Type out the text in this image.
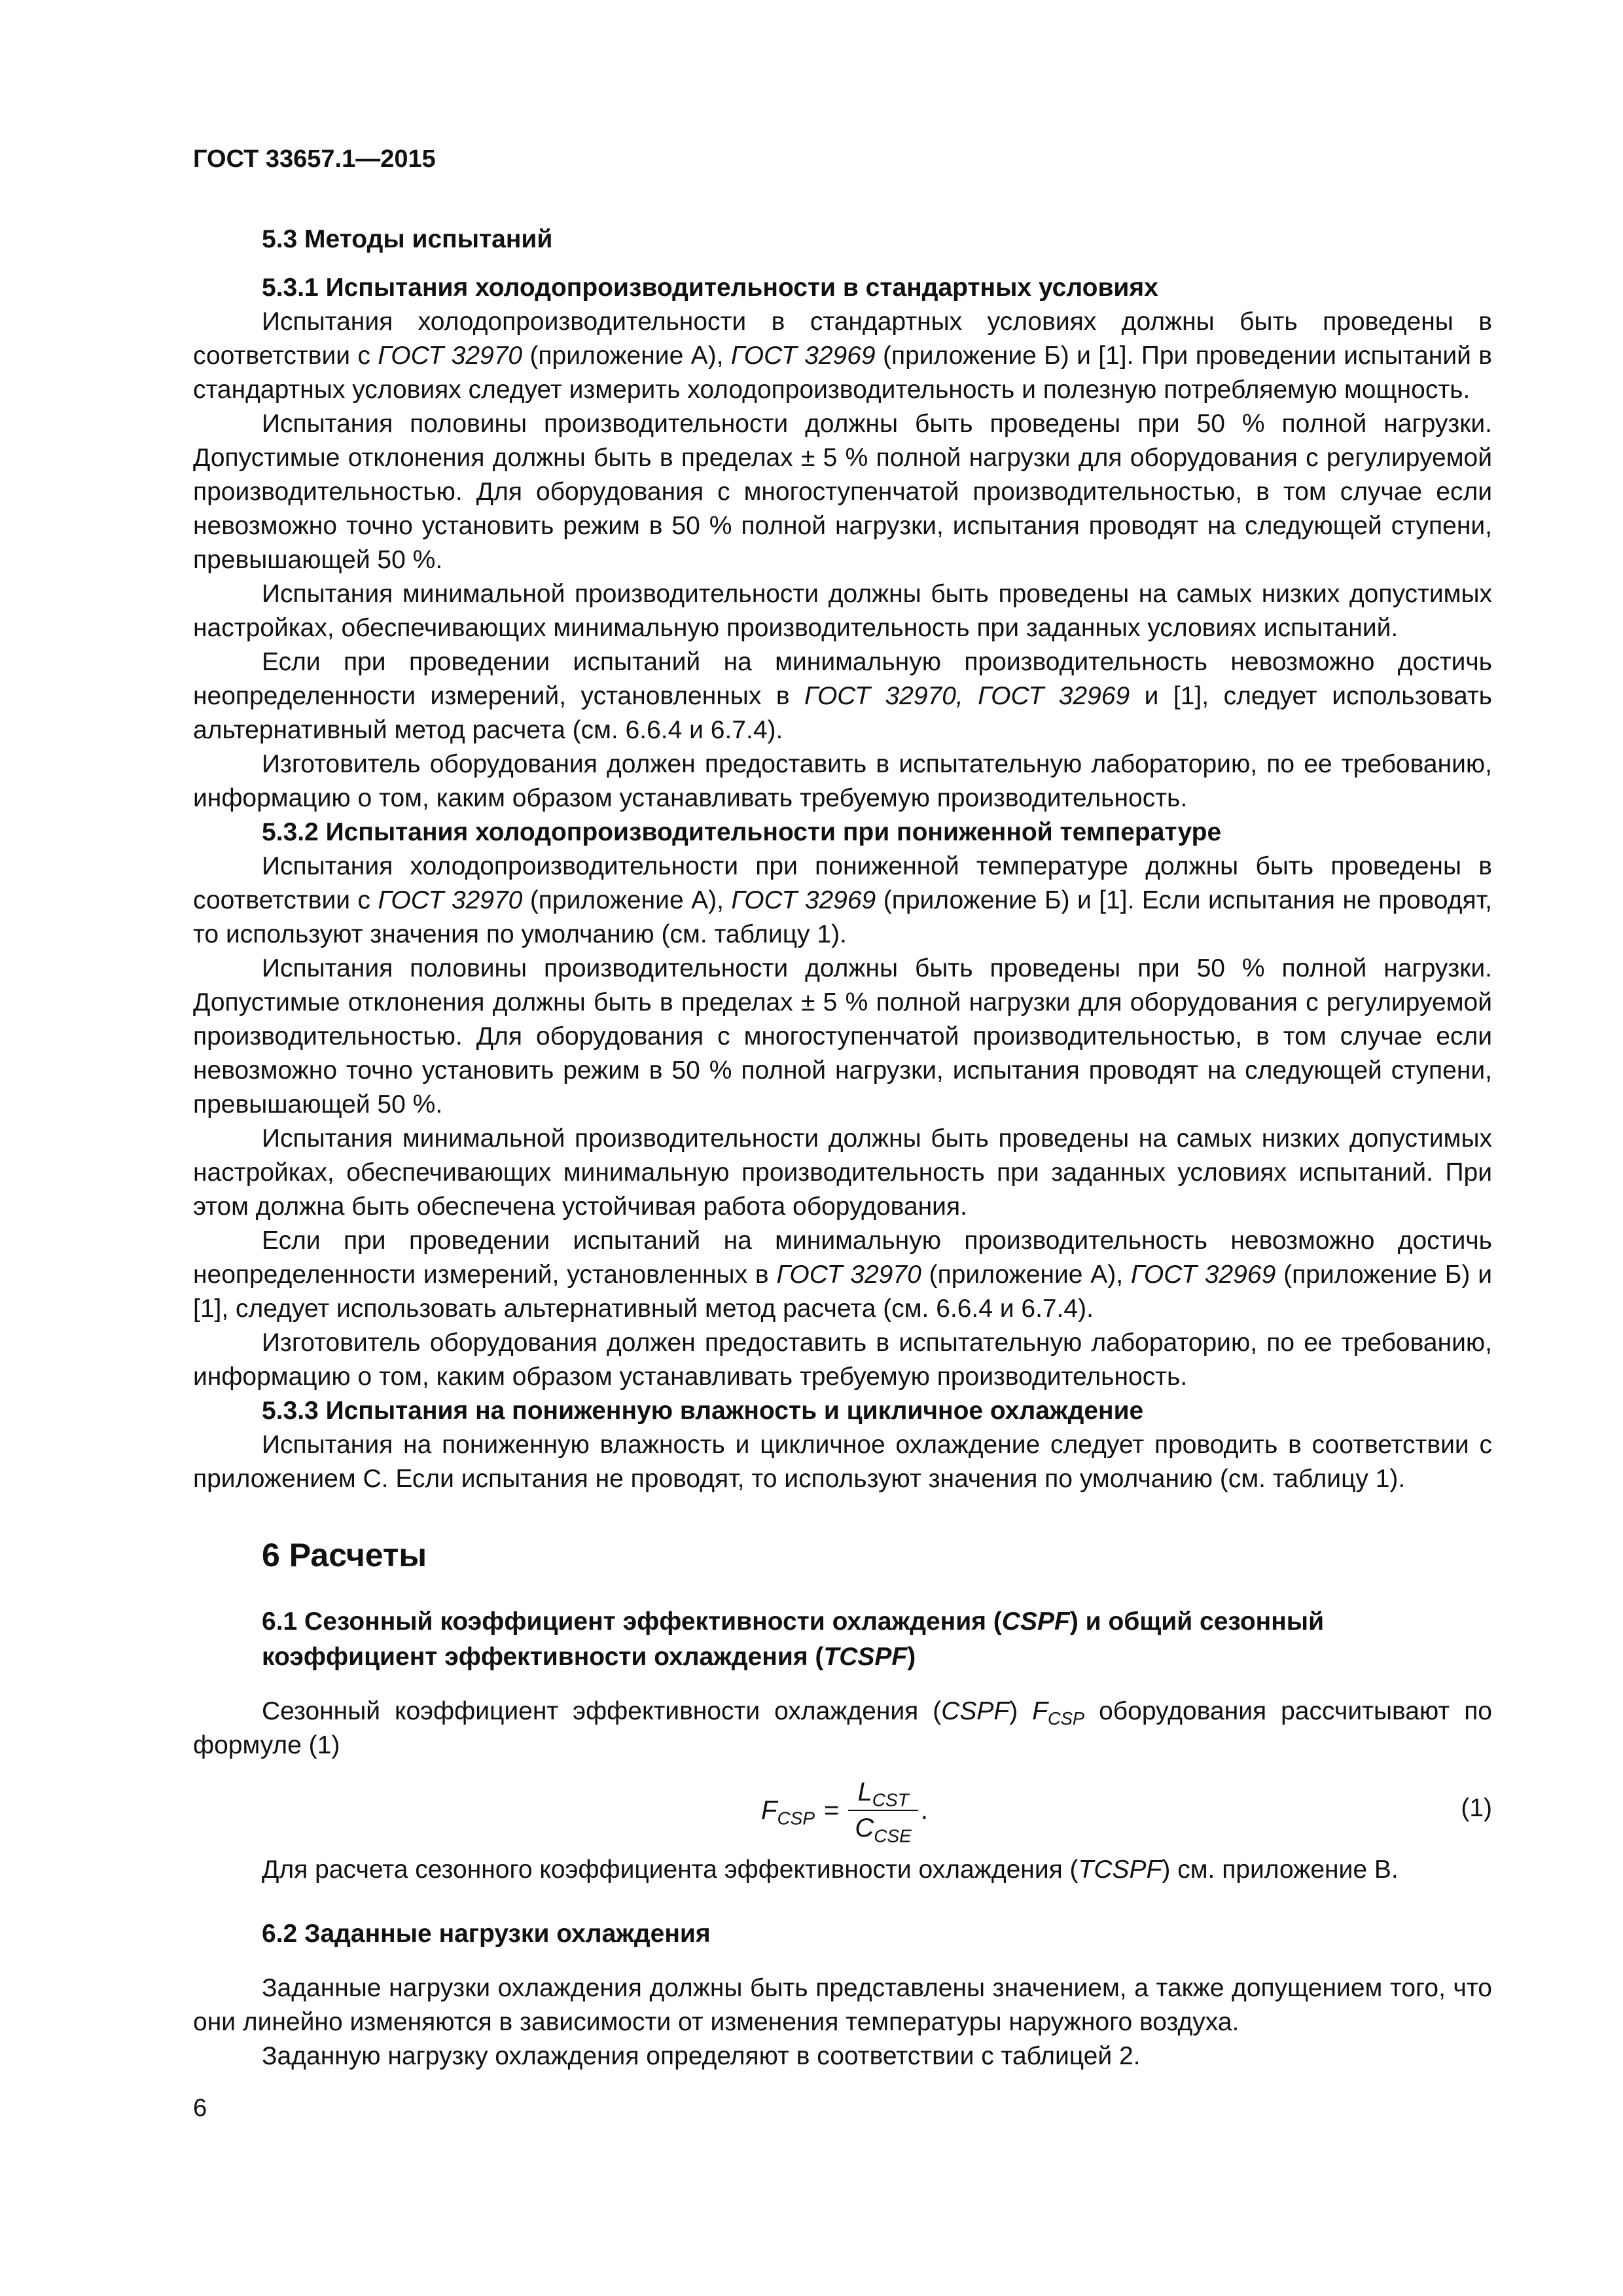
ГОСТ 33657.1—2015
5.3 Методы испытаний
5.3.1 Испытания холодопроизводительности в стандартных условиях
Испытания холодопроизводительности в стандартных условиях должны быть проведены в соответствии с ГОСТ 32970 (приложение А), ГОСТ 32969 (приложение Б) и [1]. При проведении испытаний в стандартных условиях следует измерить холодопроизводительность и полезную потребляемую мощность.
Испытания половины производительности должны быть проведены при 50 % полной нагрузки. Допустимые отклонения должны быть в пределах ± 5 % полной нагрузки для оборудования с регулируемой производительностью. Для оборудования с многоступенчатой производительностью, в том случае если невозможно точно установить режим в 50 % полной нагрузки, испытания проводят на следующей ступени, превышающей 50 %.
Испытания минимальной производительности должны быть проведены на самых низких допустимых настройках, обеспечивающих минимальную производительность при заданных условиях испытаний.
Если при проведении испытаний на минимальную производительность невозможно достичь неопределенности измерений, установленных в ГОСТ 32970, ГОСТ 32969 и [1], следует использовать альтернативный метод расчета (см. 6.6.4 и 6.7.4).
Изготовитель оборудования должен предоставить в испытательную лабораторию, по ее требованию, информацию о том, каким образом устанавливать требуемую производительность.
5.3.2 Испытания холодопроизводительности при пониженной температуре
Испытания холодопроизводительности при пониженной температуре должны быть проведены в соответствии с ГОСТ 32970 (приложение А), ГОСТ 32969 (приложение Б) и [1]. Если испытания не проводят, то используют значения по умолчанию (см. таблицу 1).
Испытания половины производительности должны быть проведены при 50 % полной нагрузки. Допустимые отклонения должны быть в пределах ± 5 % полной нагрузки для оборудования с регулируемой производительностью. Для оборудования с многоступенчатой производительностью, в том случае если невозможно точно установить режим в 50 % полной нагрузки, испытания проводят на следующей ступени, превышающей 50 %.
Испытания минимальной производительности должны быть проведены на самых низких допустимых настройках, обеспечивающих минимальную производительность при заданных условиях испытаний. При этом должна быть обеспечена устойчивая работа оборудования.
Если при проведении испытаний на минимальную производительность невозможно достичь неопределенности измерений, установленных в ГОСТ 32970 (приложение А), ГОСТ 32969 (приложение Б) и [1], следует использовать альтернативный метод расчета (см. 6.6.4 и 6.7.4).
Изготовитель оборудования должен предоставить в испытательную лабораторию, по ее требованию, информацию о том, каким образом устанавливать требуемую производительность.
5.3.3 Испытания на пониженную влажность и цикличное охлаждение
Испытания на пониженную влажность и цикличное охлаждение следует проводить в соответствии с приложением С. Если испытания не проводят, то используют значения по умолчанию (см. таблицу 1).
6 Расчеты
6.1 Сезонный коэффициент эффективности охлаждения (CSPF) и общий сезонный коэффициент эффективности охлаждения (TCSPF)
Сезонный коэффициент эффективности охлаждения (CSPF) $F_{CSP}$ оборудования рассчитывают по формуле (1)
$F_{CSP} = \frac{L_{CST}}{C_{CSE}}$ .	(1)
Для расчета сезонного коэффициента эффективности охлаждения (TCSPF) см. приложение В.
6.2 Заданные нагрузки охлаждения
Заданные нагрузки охлаждения должны быть представлены значением, а также допущением того, что они линейно изменяются в зависимости от изменения температуры наружного воздуха.
Заданную нагрузку охлаждения определяют в соответствии с таблицей 2.
6
